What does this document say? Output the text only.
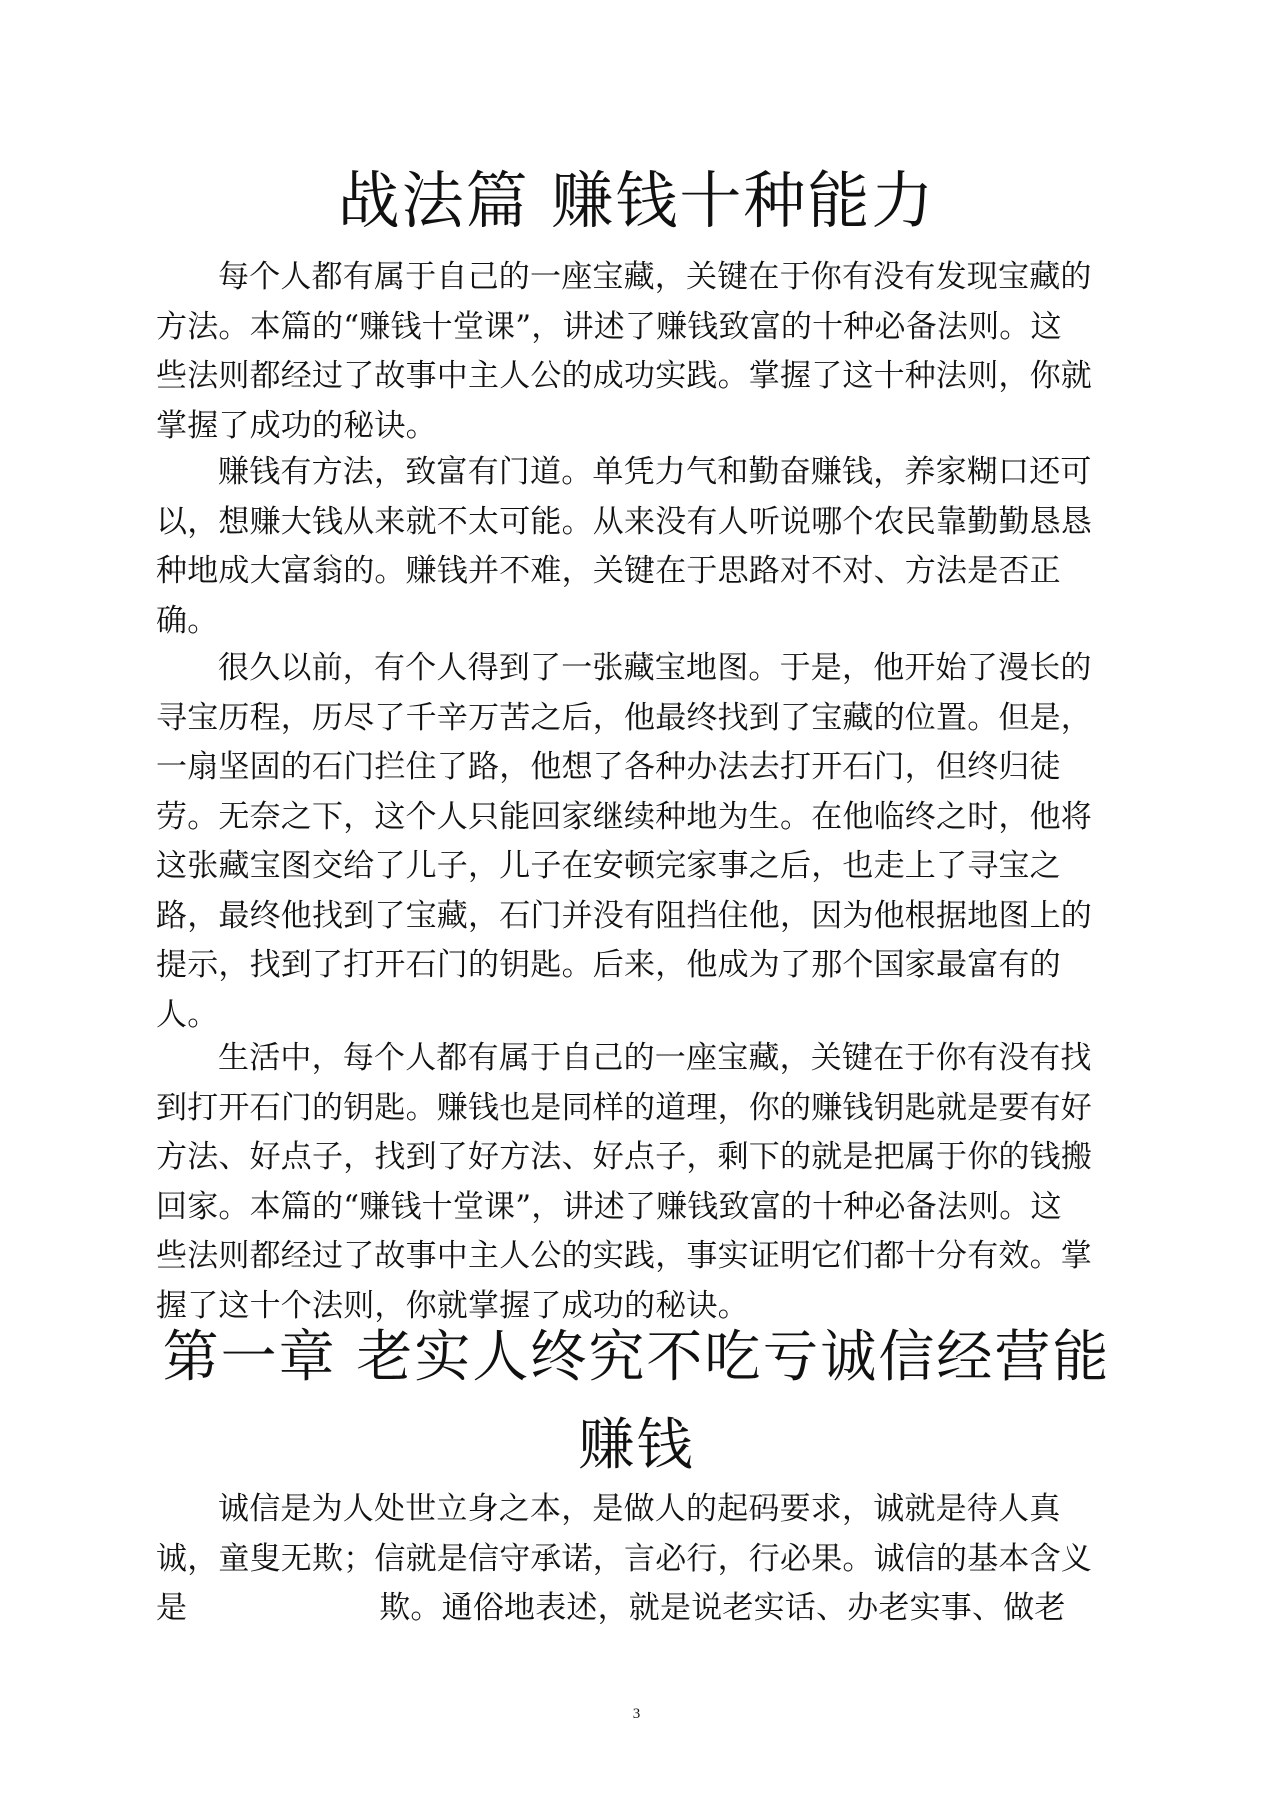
战法篇 赚钱十种能力

每个人都有属于自己的一座宝藏，关键在于你有没有发现宝藏的
方法。本篇的“赚钱十堂课”，讲述了赚钱致富的十种必备法则。这
些法则都经过了故事中主人公的成功实践。掌握了这十种法则，你就
掌握了成功的秘诀。

赚钱有方法，致富有门道。单凭力气和勤奋赚钱，养家糊口还可
以，想赚大钱从来就不太可能。从来没有人听说哪个农民靠勤勤恳恳
种地成大富翁的。赚钱并不难，关键在于思路对不对、方法是否正
确。

很久以前，有个人得到了一张藏宝地图。于是，他开始了漫长的
寻宝历程，历尽了千辛万苦之后，他最终找到了宝藏的位置。但是，
一扇坚固的石门拦住了路，他想了各种办法去打开石门，但终归徒
劳。无奈之下，这个人只能回家继续种地为生。在他临终之时，他将
这张藏宝图交给了儿子，儿子在安顿完家事之后，也走上了寻宝之
路，最终他找到了宝藏，石门并没有阻挡住他，因为他根据地图上的
提示，找到了打开石门的钥匙。后来，他成为了那个国家最富有的
人。

生活中，每个人都有属于自己的一座宝藏，关键在于你有没有找
到打开石门的钥匙。赚钱也是同样的道理，你的赚钱钥匙就是要有好
方法、好点子，找到了好方法、好点子，剩下的就是把属于你的钱搬
回家。本篇的“赚钱十堂课”，讲述了赚钱致富的十种必备法则。这
些法则都经过了故事中主人公的实践，事实证明它们都十分有效。掌
握了这十个法则，你就掌握了成功的秘诀。

第一章 老实人终究不吃亏诚信经营能
赚钱

诚信是为人处世立身之本，是做人的起码要求，诚就是待人真
诚，童叟无欺；信就是信守承诺，言必行，行必果。诚信的基本含义
是	欺。通俗地表述，就是说老实话、办老实事、做老

3
